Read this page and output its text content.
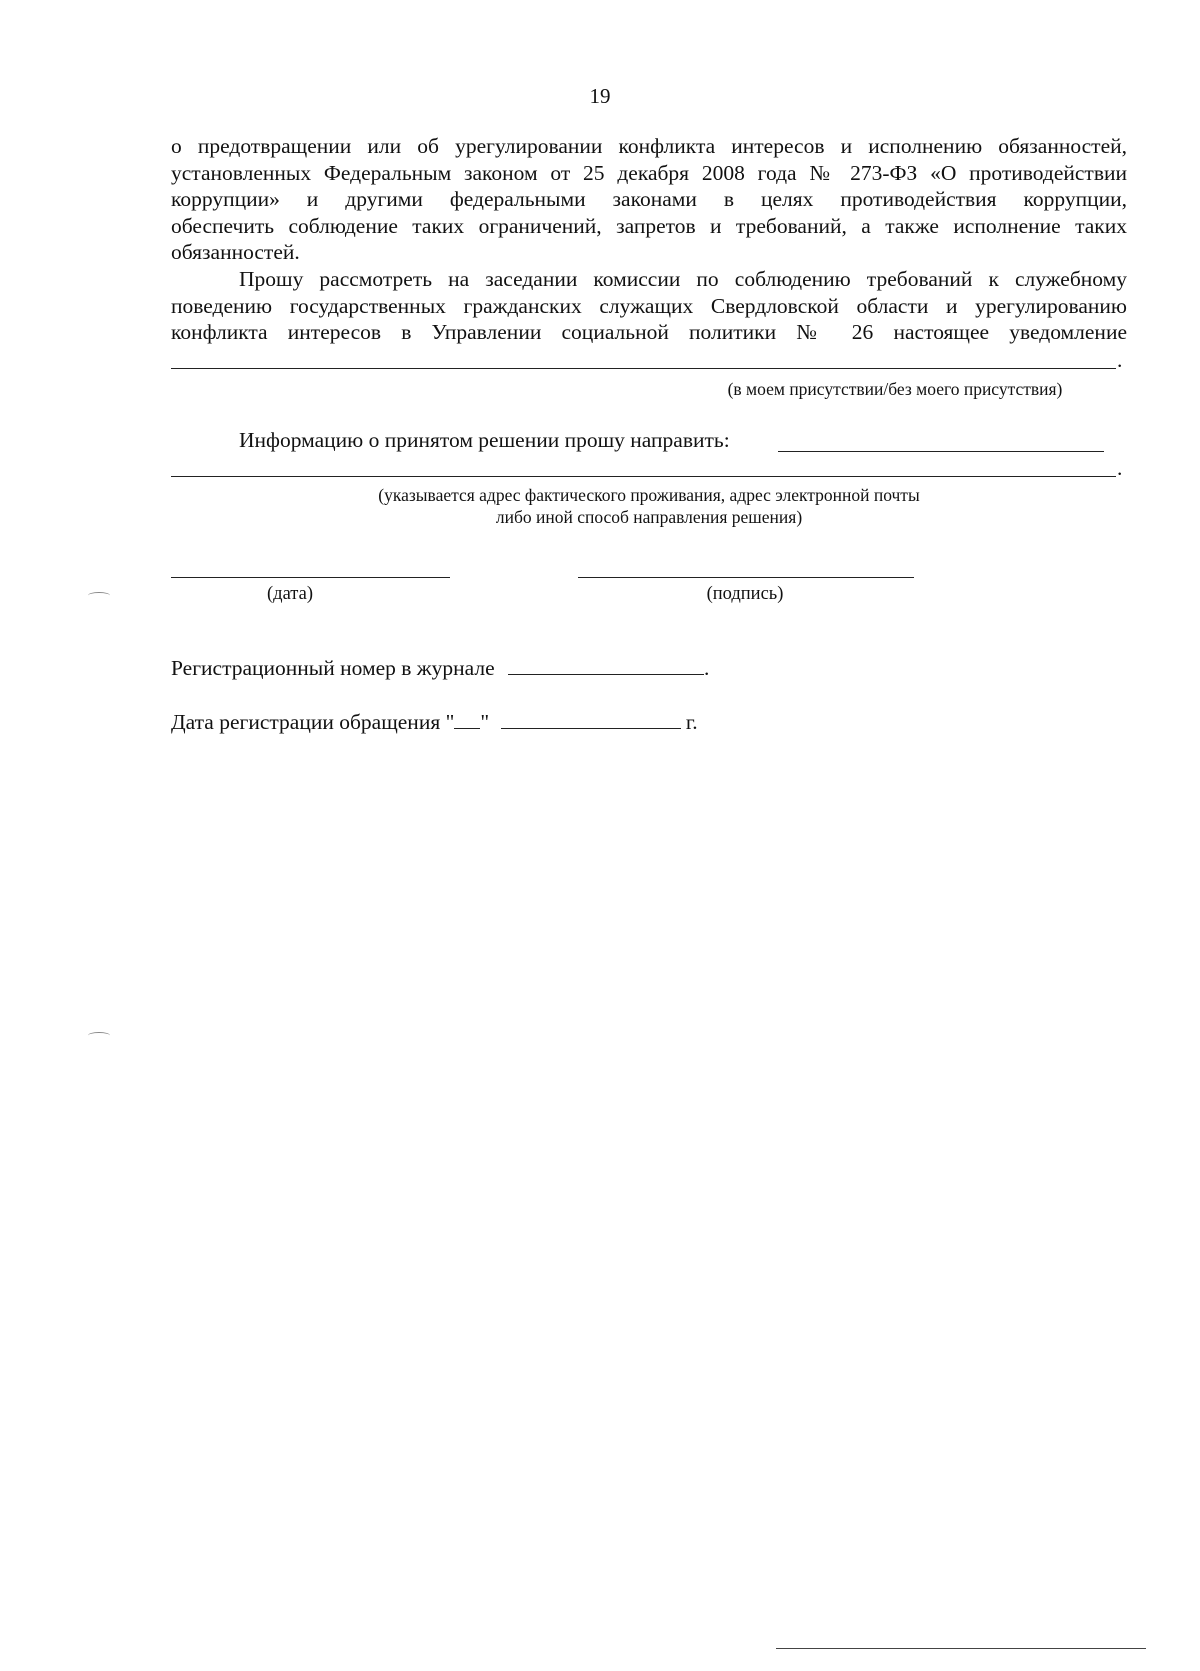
19
о предотвращении или об урегулировании конфликта интересов и исполнению обязанностей,
установленных Федеральным законом от 25 декабря 2008 года № 273-ФЗ «О противодействии
коррупции» и другими федеральными законами в целях противодействия коррупции,
обеспечить соблюдение таких ограничений, запретов и требований, а также исполнение таких
обязанностей.
Прошу рассмотреть на заседании комиссии по соблюдению требований к служебному
поведению государственных гражданских служащих Свердловской области и урегулированию
конфликта интересов в Управлении социальной политики № 26 настоящее уведомление
.
(в моем присутствии/без моего присутствия)
Информацию о принятом решении прошу направить:
.
(указывается адрес фактического проживания, адрес электронной почты
либо иной способ направления решения)
(дата)	(подпись)
Регистрационный номер в журнале	.
Дата регистрации обращения " "	г.
